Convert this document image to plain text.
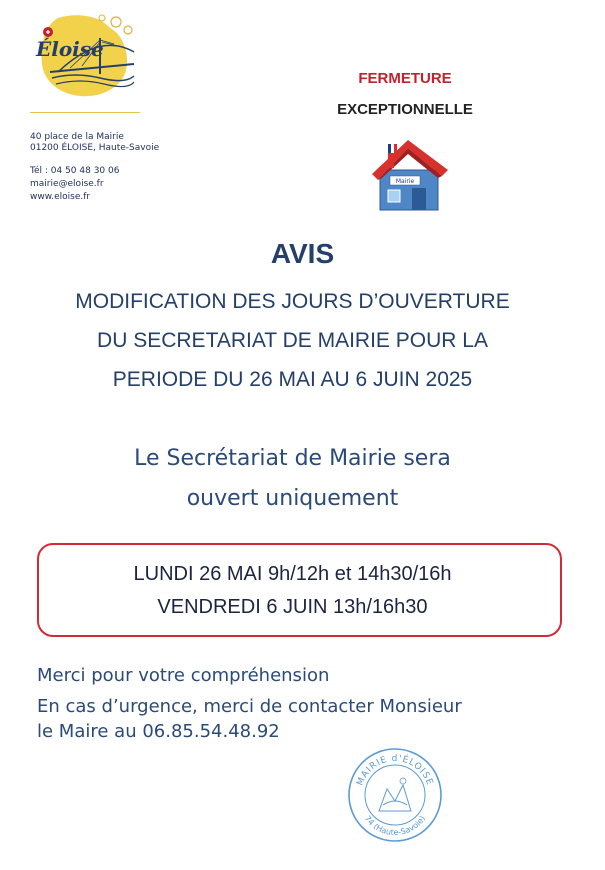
Éloise
40 place de la Mairie
01200 ÉLOISE, Haute-Savoie
Tél : 04 50 48 30 06
mairie@eloise.fr
www.eloise.fr
FERMETURE
EXCEPTIONNELLE
Mairie
AVIS
MODIFICATION DES JOURS D’OUVERTURE
DU SECRETARIAT DE MAIRIE POUR LA
PERIODE DU 26 MAI AU 6 JUIN 2025
Le Secrétariat de Mairie sera
ouvert uniquement
LUNDI 26 MAI 9h/12h et 14h30/16h
VENDREDI 6 JUIN 13h/16h30
Merci pour votre compréhension
En cas d’urgence, merci de contacter Monsieur
le Maire au 06.85.54.48.92
MAIRIE d'ÉLOISE
74 (Haute-Savoie)
